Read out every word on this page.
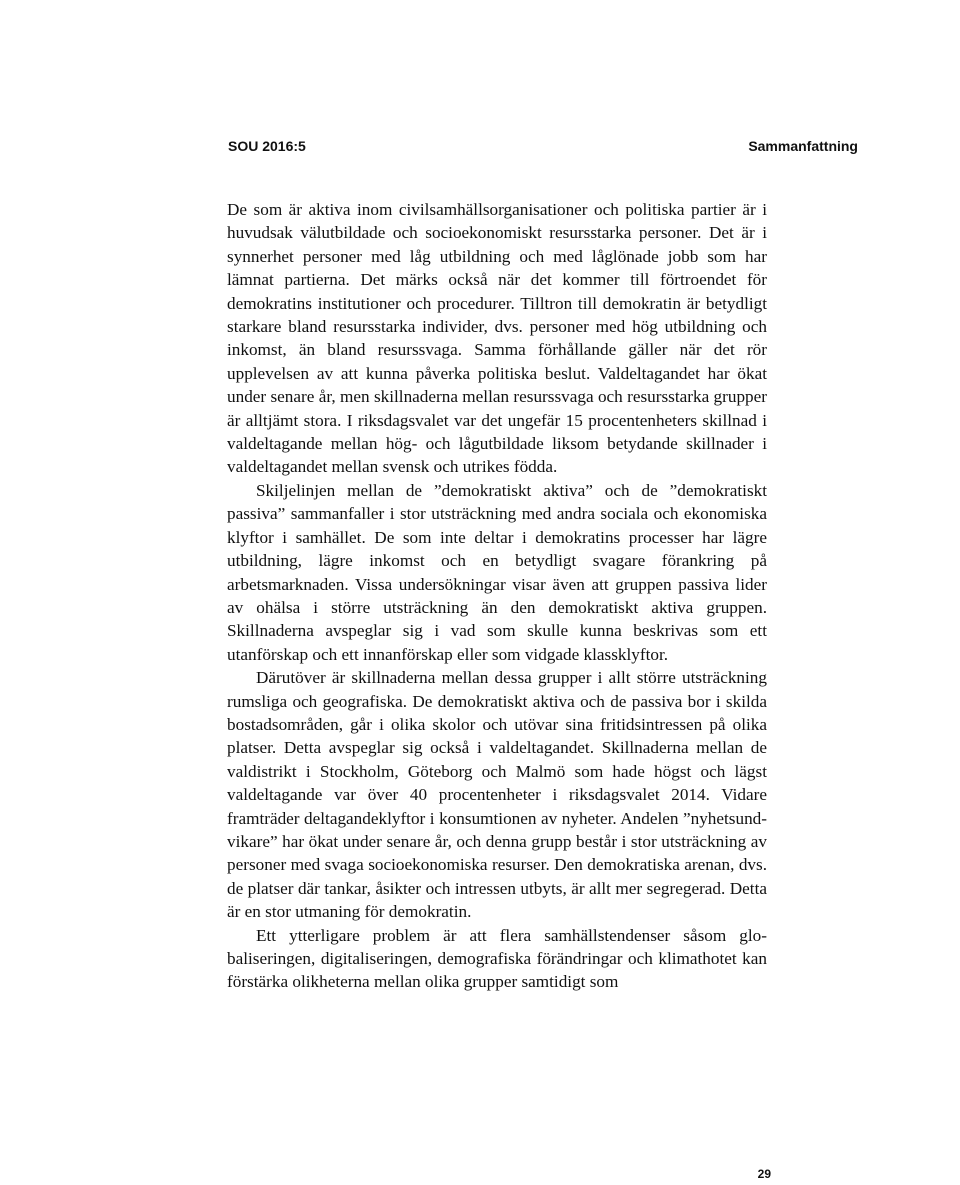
SOU 2016:5	Sammanfattning

De som är aktiva inom civilsamhällsorganisationer och politiska partier är i huvudsak välutbildade och socioekonomiskt resursstarka personer. Det är i synnerhet personer med låg utbildning och med låglönade jobb som har lämnat partierna. Det märks också när det kommer till förtroendet för demokratins institutioner och procedurer. Tilltron till demokratin är betydligt starkare bland resursstarka individer, dvs. personer med hög utbildning och inkomst, än bland resurssvaga. Samma förhållande gäller när det rör upplevelsen av att kunna påverka politiska beslut. Valdeltagandet har ökat under senare år, men skillnaderna mellan resurssvaga och resursstarka grupper är alltjämt stora. I riksdagsvalet var det ungefär 15 procentenheters skillnad i valdeltagande mellan hög- och lågutbildade liksom betydande skillnader i valdeltagandet mellan svensk och utrikes födda.

Skiljelinjen mellan de ”demokratiskt aktiva” och de ”demokratiskt passiva” sammanfaller i stor utsträckning med andra sociala och ekonomiska klyftor i samhället. De som inte deltar i demokratins processer har lägre utbildning, lägre inkomst och en betydligt svagare förankring på arbetsmarknaden. Vissa undersökningar visar även att gruppen passiva lider av ohälsa i större utsträckning än den demokratiskt aktiva gruppen. Skillnaderna avspeglar sig i vad som skulle kunna beskrivas som ett utanförskap och ett innanförskap eller som vidgade klassklyftor.

Därutöver är skillnaderna mellan dessa grupper i allt större utsträckning rumsliga och geografiska. De demokratiskt aktiva och de passiva bor i skilda bostadsområden, går i olika skolor och utövar sina fritidsintressen på olika platser. Detta avspeglar sig också i valdeltagandet. Skillnaderna mellan de valdistrikt i Stockholm, Göteborg och Malmö som hade högst och lägst valdeltagande var över 40 procentenheter i riksdagsvalet 2014. Vidare framträder deltagandeklyftor i konsumtionen av nyheter. Andelen ”nyhetsundvikare” har ökat under senare år, och denna grupp består i stor utsträckning av personer med svaga socioekonomiska resurser. Den demokratiska arenan, dvs. de platser där tankar, åsikter och intressen utbyts, är allt mer segregerad. Detta är en stor utmaning för demokratin.

Ett ytterligare problem är att flera samhällstendenser såsom globaliseringen, digitaliseringen, demografiska förändringar och klimathotet kan förstärka olikheterna mellan olika grupper samtidigt som

29
